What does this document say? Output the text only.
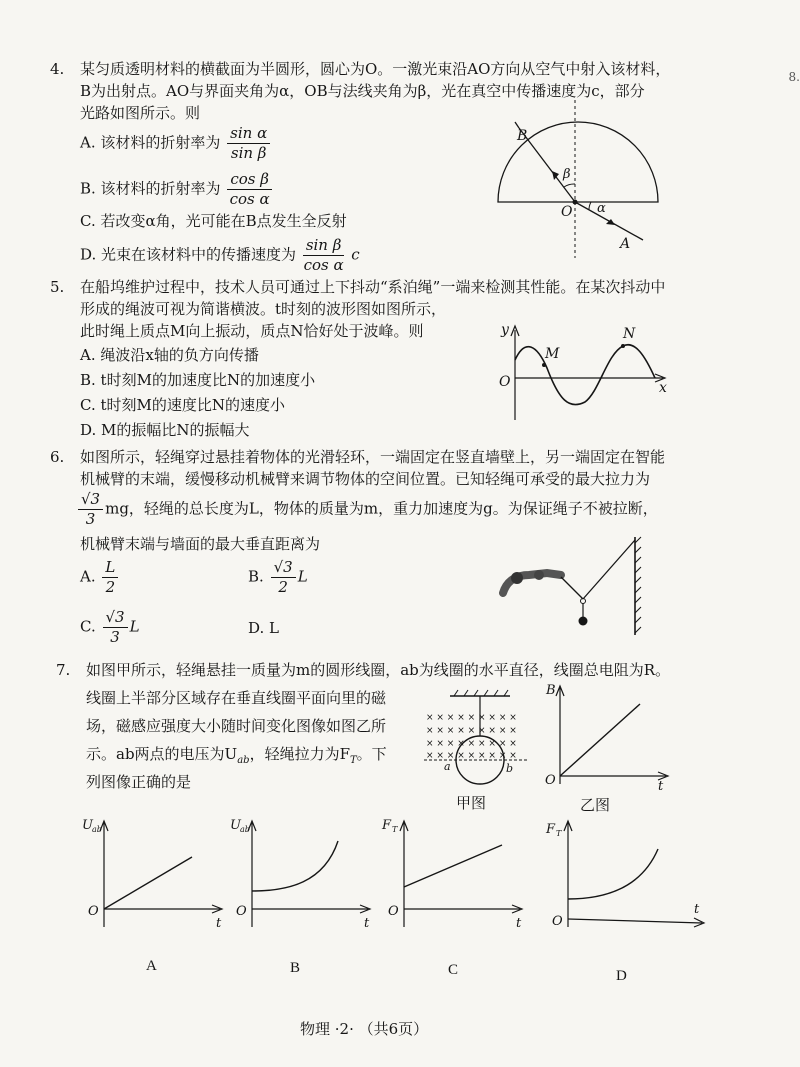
8.
4. 某匀质透明材料的横截面为半圆形，圆心为O。一激光束沿AO方向从空气中射入该材料，
B为出射点。AO与界面夹角为α，OB与法线夹角为β，光在真空中传播速度为c，部分
光路如图所示。则
A. 该材料的折射率为 $\frac{\text{sin α}}{\text{sin β}}$
B. 该材料的折射率为 $\frac{\text{cos β}}{\text{cos α}}$
C. 若改变α角，光可能在B点发生全反射
D. 光束在该材料中的传播速度为 $\frac{\text{sin β}}{\text{cos α}}$ c
B
O
A
α
β
5. 在船坞维护过程中，技术人员可通过上下抖动“系泊绳”一端来检测其性能。在某次抖动中
形成的绳波可视为简谐横波。t时刻的波形图如图所示，
此时绳上质点M向上振动，质点N恰好处于波峰。则
A. 绳波沿x轴的负方向传播
B. t时刻M的加速度比N的加速度小
C. t时刻M的速度比N的速度小
D. M的振幅比N的振幅大
y
x
O
M
N
6. 如图所示，轻绳穿过悬挂着物体的光滑轻环，一端固定在竖直墙壁上，另一端固定在智能
机械臂的末端，缓慢移动机械臂来调节物体的空间位置。已知轻绳可承受的最大拉力为
$\frac{√3}{3}$ mg，轻绳的总长度为L，物体的质量为m，重力加速度为g。为保证绳子不被拉断，
机械臂末端与墙面的最大垂直距离为
A. $\frac{L}{2}$	B. $\frac{√3}{2}$ L
C. $\frac{√3}{3}$ L	D. L
7. 如图甲所示，轻绳悬挂一质量为m的圆形线圈，ab为线圈的水平直径，线圈总电阻为R。
线圈上半部分区域存在垂直线圈平面向里的磁
场，磁感应强度大小随时间变化图像如图乙所
示。ab两点的电压为$U_{ab}$，轻绳拉力为$F_T$。下
列图像正确的是
× × × × × × × × ×
× × × × × × × × ×
× × × × × × × × ×
× × × × × × × × ×
a	b
甲图
B
O	t
乙图
U ab
O
t
U ab
O
t
F T
O
t
F T
O
t
A	B	C	D
物理 ·2· （共6页）
